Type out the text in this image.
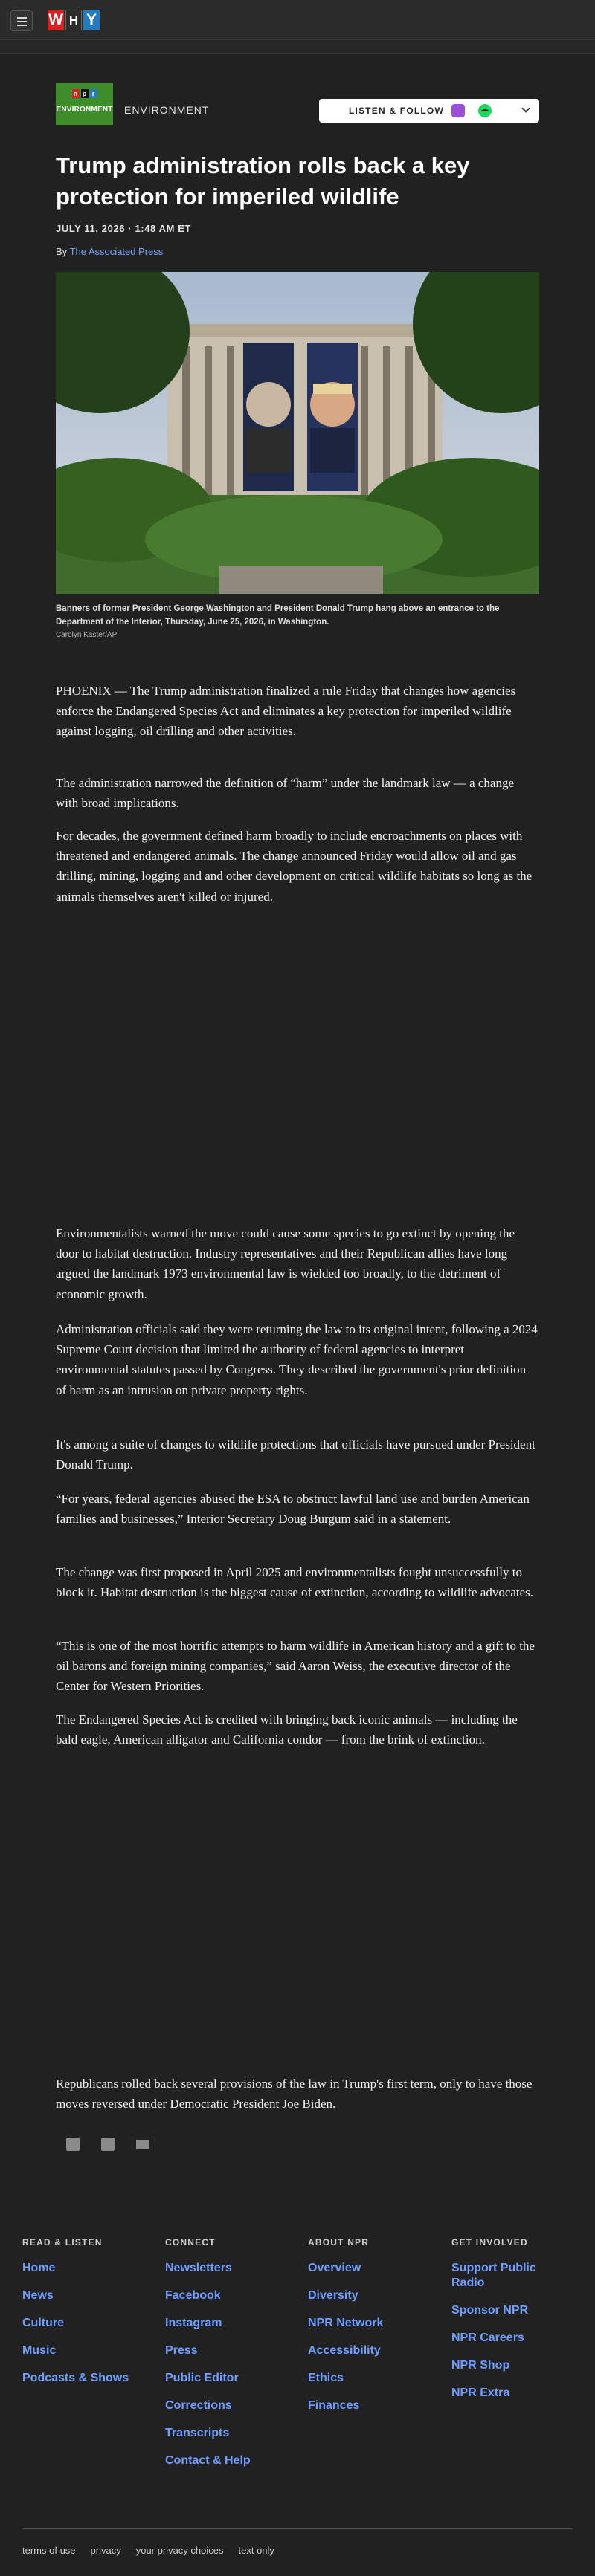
W H Y
n p r
ENVIRONMENT ENVIRONMENT	LISTEN & FOLLOW
Trump administration rolls back a key protection for imperiled wildlife
JULY 11, 2026 · 1:48 AM ET
By The Associated Press
Banners of former President George Washington and President Donald Trump hang above an entrance to the Department of the Interior, Thursday, June 25, 2026, in Washington.
Carolyn Kaster/AP

PHOENIX — The Trump administration finalized a rule Friday that changes how agencies enforce the Endangered Species Act and eliminates a key protection for imperiled wildlife against logging, oil drilling and other activities.

The administration narrowed the definition of “harm” under the landmark law — a change with broad implications.

For decades, the government defined harm broadly to include encroachments on places with threatened and endangered animals. The change announced Friday would allow oil and gas drilling, mining, logging and and other development on critical wildlife habitats so long as the animals themselves aren't killed or injured.

Environmentalists warned the move could cause some species to go extinct by opening the door to habitat destruction. Industry representatives and their Republican allies have long argued the landmark 1973 environmental law is wielded too broadly, to the detriment of economic growth.

Administration officials said they were returning the law to its original intent, following a 2024 Supreme Court decision that limited the authority of federal agencies to interpret environmental statutes passed by Congress. They described the government's prior definition of harm as an intrusion on private property rights.

It's among a suite of changes to wildlife protections that officials have pursued under President Donald Trump.

“For years, federal agencies abused the ESA to obstruct lawful land use and burden American families and businesses,” Interior Secretary Doug Burgum said in a statement.

The change was first proposed in April 2025 and environmentalists fought unsuccessfully to block it. Habitat destruction is the biggest cause of extinction, according to wildlife advocates.

“This is one of the most horrific attempts to harm wildlife in American history and a gift to the oil barons and foreign mining companies,” said Aaron Weiss, the executive director of the Center for Western Priorities.

The Endangered Species Act is credited with bringing back iconic animals — including the bald eagle, American alligator and California condor — from the brink of extinction.

Republicans rolled back several provisions of the law in Trump's first term, only to have those moves reversed under Democratic President Joe Biden.

READ & LISTEN
Home
News
Culture
Music
Podcasts & Shows
CONNECT
Newsletters
Facebook
Instagram
Press
Public Editor
Corrections
Transcripts
Contact & Help
ABOUT NPR
Overview
Diversity
NPR Network
Accessibility
Ethics
Finances
GET INVOLVED
Support Public Radio
Sponsor NPR
NPR Careers
NPR Shop
NPR Extra
terms of use privacy your privacy choices text only
